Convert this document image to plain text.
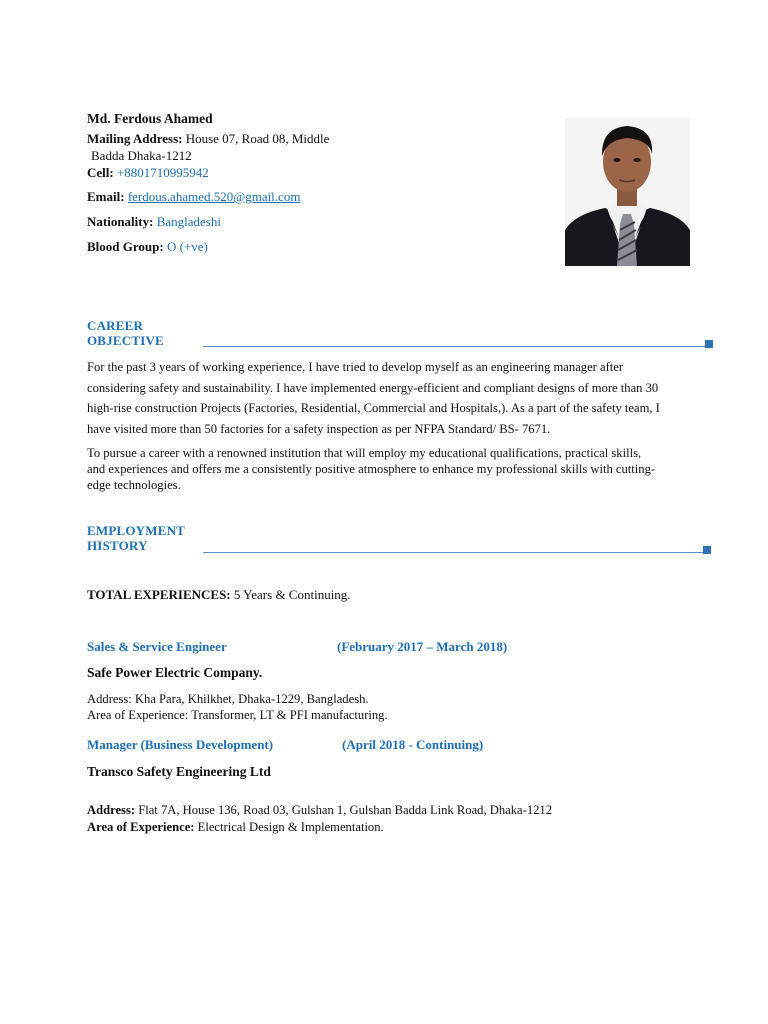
Md. Ferdous Ahamed
Mailing Address: House 07, Road 08, Middle
Badda Dhaka-1212
Cell: +8801710995942
Email: ferdous.ahamed.520@gmail.com
Nationality: Bangladeshi
Blood Group: O (+ve)
CAREER
OBJECTIVE
For the past 3 years of working experience, I have tried to develop myself as an engineering manager after
considering safety and sustainability. I have implemented energy-efficient and compliant designs of more than 30
high-rise construction Projects (Factories, Residential, Commercial and Hospitals,). As a part of the safety team, I
have visited more than 50 factories for a safety inspection as per NFPA Standard/ BS- 7671.
To pursue a career with a renowned institution that will employ my educational qualifications, practical skills,
and experiences and offers me a consistently positive atmosphere to enhance my professional skills with cutting-
edge technologies.
EMPLOYMENT
HISTORY
TOTAL EXPERIENCES: 5 Years & Continuing.
Sales & Service Engineer	(February 2017 – March 2018)
Safe Power Electric Company.
Address: Kha Para, Khilkhet, Dhaka-1229, Bangladesh.
Area of Experience: Transformer, LT & PFI manufacturing.
Manager (Business Development)	(April 2018 - Continuing)
Transco Safety Engineering Ltd
Address: Flat 7A, House 136, Road 03, Gulshan 1, Gulshan Badda Link Road, Dhaka-1212
Area of Experience: Electrical Design & Implementation.
